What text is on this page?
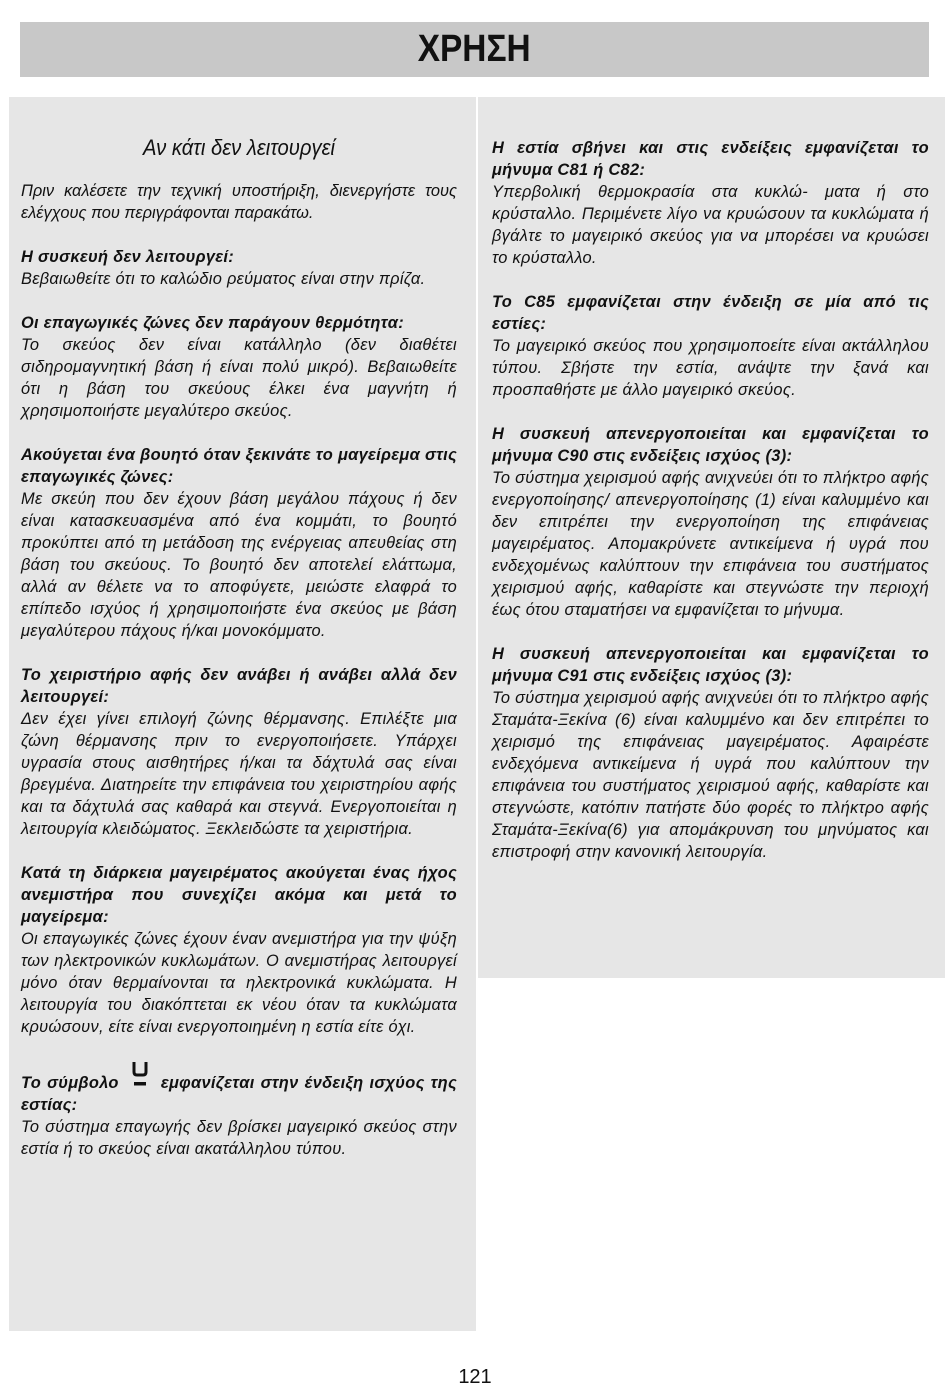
ΧΡΗΣΗ
Αν κάτι δεν λειτουργεί

Πριν καλέσετε την τεχνική υποστήριξη, διενεργήστε τους ελέγχους που περιγράφονται παρακάτω.

Η συσκευή δεν λειτουργεί:

Βεβαιωθείτε ότι το καλώδιο ρεύματος είναι στην πρίζα.

Οι επαγωγικές ζώνες δεν παράγουν θερμότητα:

Το σκεύος δεν είναι κατάλληλο (δεν διαθέτει σιδηρομαγνητική βάση ή είναι πολύ μικρό). Βεβαιωθείτε ότι η βάση του σκεύους έλκει ένα μαγνήτη ή χρησιμοποιήστε μεγαλύτερο σκεύος.

Ακούγεται ένα βουητό όταν ξεκινάτε το μαγείρεμα στις επαγωγικές ζώνες:

Με σκεύη που δεν έχουν βάση μεγάλου πάχους ή δεν είναι κατασκευασμένα από ένα κομμάτι, το βουητό προκύπτει από τη μετάδοση της ενέργειας απευθείας στη βάση του σκεύους. Το βουητό δεν αποτελεί ελάττωμα, αλλά αν θέλετε να το αποφύγετε, μειώστε ελαφρά το επίπεδο ισχύος ή χρησιμοποιήστε ένα σκεύος με βάση μεγαλύτερου πάχους ή/και μονοκόμματο.

Το χειριστήριο αφής δεν ανάβει ή ανάβει αλλά δεν λειτουργεί:

Δεν έχει γίνει επιλογή ζώνης θέρμανσης. Επιλέξτε μια ζώνη θέρμανσης πριν το ενεργοποιήσετε. Υπάρχει υγρασία στους αισθητήρες ή/και τα δάχτυλά σας είναι βρεγμένα. Διατηρείτε την επιφάνεια του χειριστηρίου αφής και τα δάχτυλά σας καθαρά και στεγνά. Ενεργοποιείται η λειτουργία κλειδώματος. Ξεκλειδώστε τα χειριστήρια.

Κατά τη διάρκεια μαγειρέματος ακούγεται ένας ήχος ανεμιστήρα που συνεχίζει ακόμα και μετά το μαγείρεμα:

Οι επαγωγικές ζώνες έχουν έναν ανεμιστήρα για την ψύξη των ηλεκτρονικών κυκλωμάτων. Ο ανεμιστήρας λειτουργεί μόνο όταν θερμαίνονται τα ηλεκτρονικά κυκλώματα. Η λειτουργία του διακόπτεται εκ νέου όταν τα κυκλώματα κρυώσουν, είτε είναι ενεργοποιημένη η εστία είτε όχι.

Το σύμβολο	εμφανίζεται στην ένδειξη ισχύος της εστίας:

Το σύστημα επαγωγής δεν βρίσκει μαγειρικό σκεύος στην εστία ή το σκεύος είναι ακατάλληλου τύπου.

Η εστία σβήνει και στις ενδείξεις εμφανίζεται το μήνυμα C81 ή C82:

Υπερβολική θερμοκρασία στα κυκλώ- ματα ή στο κρύσταλλο. Περιμένετε λίγο να κρυώσουν τα κυκλώματα ή βγάλτε το μαγειρικό σκεύος για να μπορέσει να κρυώσει το κρύσταλλο.

Το C85 εμφανίζεται στην ένδειξη σε μία από τις εστίες:

Το μαγειρικό σκεύος που χρησιμοποείτε είναι ακτάλληλου τύπου. Σβήστε την εστία, ανάψτε την ξανά και προσπαθήστε με άλλο μαγειρικό σκεύος.

Η συσκευή απενεργοποιείται και εμφανίζεται το μήνυμα C90 στις ενδείξεις ισχύος (3):

Το σύστημα χειρισμού αφής ανιχνεύει ότι το πλήκτρο αφής ενεργοποίησης/ απενεργοποίησης (1) είναι καλυμμένο και δεν επιτρέπει την ενεργοποίηση της επιφάνειας μαγειρέματος. Απομακρύνετε αντικείμενα ή υγρά που ενδεχομένως καλύπτουν την επιφάνεια του συστήματος χειρισμού αφής, καθαρίστε και στεγνώστε την περιοχή έως ότου σταματήσει να εμφανίζεται το μήνυμα.

Η συσκευή απενεργοποιείται και εμφανίζεται το μήνυμα C91 στις ενδείξεις ισχύος (3):

Το σύστημα χειρισμού αφής ανιχνεύει ότι το πλήκτρο αφής Σταμάτα-Ξεκίνα (6) είναι καλυμμένο και δεν επιτρέπει το χειρισμό της επιφάνειας μαγειρέματος. Αφαιρέστε ενδεχόμενα αντικείμενα ή υγρά που καλύπτουν την επιφάνεια του συστήματος χειρισμού αφής, καθαρίστε και στεγνώστε, κατόπιν πατήστε δύο φορές το πλήκτρο αφής Σταμάτα-Ξεκίνα(6) για απομάκρυνση του μηνύματος και επιστροφή στην κανονική λειτουργία.

121
